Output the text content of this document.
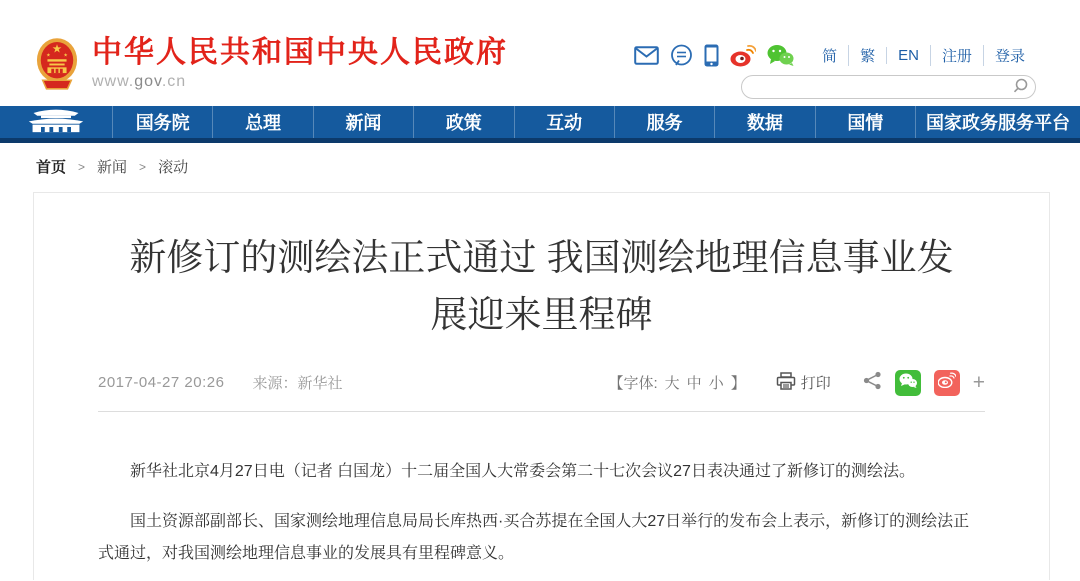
★
★	★ 中华人民共和国中央人民政府
www.gov.cn
简	繁	EN	注册	登录
国务院	总理	新闻	政策	互动	服务	数据	国情	国家政务服务平台
首页 > 新闻 > 滚动
新修订的测绘法正式通过 我国测绘地理信息事业发展迎来里程碑
2017-04-27 20:26 来源：新华社	【字体: 大 中 小 】	打印	+

新华社北京4月27日电（记者 白国龙）十二届全国人大常委会第二十七次会议27日表决通过了新修订的测绘法。

国土资源部副部长、国家测绘地理信息局局长库热西·买合苏提在全国人大27日举行的发布会上表示，新修订的测绘法正式通过，对我国测绘地理信息事业的发展具有里程碑意义。
